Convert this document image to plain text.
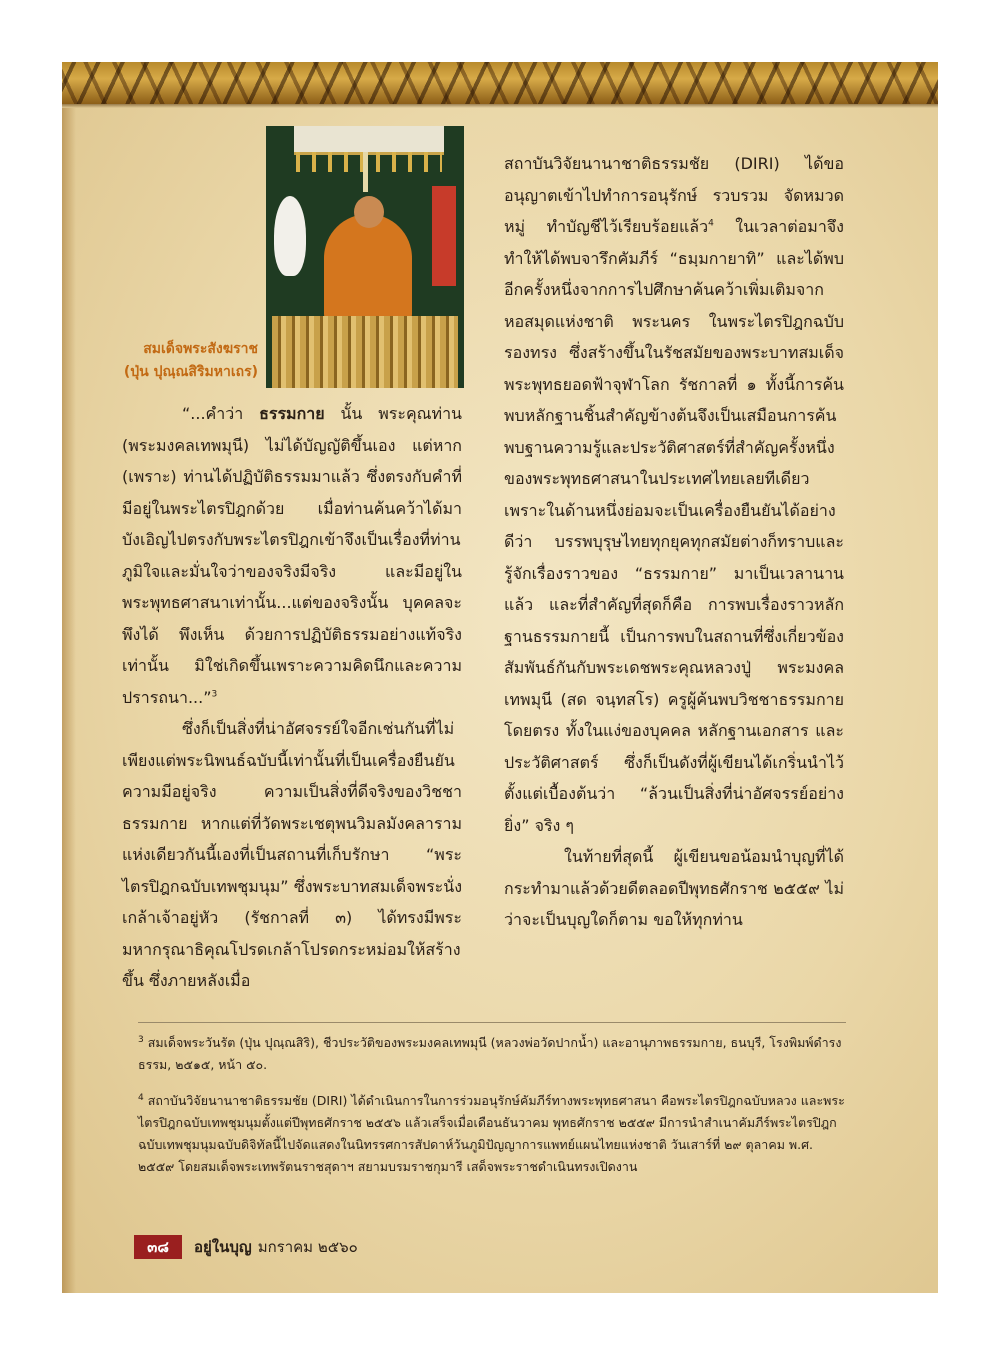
สมเด็จพระสังฆราช
(ปุ่น ปุณฺณสิริมหาเถร)

“...คำว่า ธรรมกาย นั้น พระคุณท่าน (พระมงคลเทพมุนี) ไม่ได้บัญญัติขึ้นเอง แต่หาก (เพราะ) ท่านได้ปฏิบัติธรรมมาแล้ว ซึ่งตรงกับคำที่มีอยู่ในพระไตรปิฎกด้วย เมื่อท่านค้นคว้าได้มาบังเอิญไปตรงกับพระไตรปิฎกเข้าจึงเป็นเรื่องที่ท่านภูมิใจและมั่นใจว่าของจริงมีจริง และมีอยู่ในพระพุทธศาสนาเท่านั้น...แต่ของจริงนั้น บุคคลจะพึงได้ พึงเห็น ด้วยการปฏิบัติธรรมอย่างแท้จริงเท่านั้น มิใช่เกิดขึ้นเพราะความคิดนึกและความปรารถนา...”$^3$

ซึ่งก็เป็นสิ่งที่น่าอัศจรรย์ใจอีกเช่นกันที่ไม่เพียงแต่พระนิพนธ์ฉบับนี้เท่านั้นที่เป็นเครื่องยืนยันความมีอยู่จริง ความเป็นสิ่งที่ดีจริงของวิชชาธรรมกาย หากแต่ที่วัดพระเชตุพนวิมลมังคลารามแห่งเดียวกันนี้เองที่เป็นสถานที่เก็บรักษา “พระไตรปิฎกฉบับเทพชุมนุม” ซึ่งพระบาทสมเด็จพระนั่งเกล้าเจ้าอยู่หัว (รัชกาลที่ ๓) ได้ทรงมีพระมหากรุณาธิคุณโปรดเกล้าโปรดกระหม่อมให้สร้างขึ้น ซึ่งภายหลังเมื่อ

สถาบันวิจัยนานาชาติธรรมชัย (DIRI) ได้ขออนุญาตเข้าไปทำการอนุรักษ์ รวบรวม จัดหมวดหมู่ ทำบัญชีไว้เรียบร้อยแล้ว$^4$ ในเวลาต่อมาจึงทำให้ได้พบจารึกคัมภีร์ “ธมฺมกายาทิ” และได้พบอีกครั้งหนึ่งจากการไปศึกษาค้นคว้าเพิ่มเติมจากหอสมุดแห่งชาติ พระนคร ในพระไตรปิฎกฉบับรองทรง ซึ่งสร้างขึ้นในรัชสมัยของพระบาทสมเด็จพระพุทธยอดฟ้าจุฬาโลก รัชกาลที่ ๑ ทั้งนี้การค้นพบหลักฐานชิ้นสำคัญข้างต้นจึงเป็นเสมือนการค้นพบฐานความรู้และประวัติศาสตร์ที่สำคัญครั้งหนึ่งของพระพุทธศาสนาในประเทศไทยเลยทีเดียว เพราะในด้านหนึ่งย่อมจะเป็นเครื่องยืนยันได้อย่างดีว่า บรรพบุรุษไทยทุกยุคทุกสมัยต่างก็ทราบและรู้จักเรื่องราวของ “ธรรมกาย” มาเป็นเวลานานแล้ว และที่สำคัญที่สุดก็คือ การพบเรื่องราวหลักฐานธรรมกายนี้ เป็นการพบในสถานที่ซึ่งเกี่ยวข้องสัมพันธ์กันกับพระเดชพระคุณหลวงปู่ พระมงคลเทพมุนี (สด จนฺทสโร) ครูผู้ค้นพบวิชชาธรรมกายโดยตรง ทั้งในแง่ของบุคคล หลักฐานเอกสาร และประวัติศาสตร์ ซึ่งก็เป็นดังที่ผู้เขียนได้เกริ่นนำไว้ตั้งแต่เบื้องต้นว่า “ล้วนเป็นสิ่งที่น่าอัศจรรย์อย่างยิ่ง” จริง ๆ

ในท้ายที่สุดนี้ ผู้เขียนขอน้อมนำบุญที่ได้กระทำมาแล้วด้วยดีตลอดปีพุทธศักราช ๒๕๕๙ ไม่ว่าจะเป็นบุญใดก็ตาม ขอให้ทุกท่าน

$^3$ สมเด็จพระวันรัต (ปุ่น ปุณฺณสิริ), ชีวประวัติของพระมงคลเทพมุนี (หลวงพ่อวัดปากน้ำ) และอานุภาพธรรมกาย, ธนบุรี, โรงพิมพ์ดำรงธรรม, ๒๕๑๕, หน้า ๕๐.
$^4$ สถาบันวิจัยนานาชาติธรรมชัย (DIRI) ได้ดำเนินการในการร่วมอนุรักษ์คัมภีร์ทางพระพุทธศาสนา คือพระไตรปิฎกฉบับหลวง และพระไตรปิฎกฉบับเทพชุมนุมตั้งแต่ปีพุทธศักราช ๒๕๕๖ แล้วเสร็จเมื่อเดือนธันวาคม พุทธศักราช ๒๕๕๙ มีการนำสำเนาคัมภีร์พระไตรปิฎกฉบับเทพชุมนุมฉบับดิจิทัลนี้ไปจัดแสดงในนิทรรศการสัปดาห์วันภูมิปัญญาการแพทย์แผนไทยแห่งชาติ วันเสาร์ที่ ๒๙ ตุลาคม พ.ศ. ๒๕๕๙ โดยสมเด็จพระเทพรัตนราชสุดาฯ สยามบรมราชกุมารี เสด็จพระราชดำเนินทรงเปิดงาน
๓๘	อยู่ในบุญ มกราคม ๒๕๖๐
